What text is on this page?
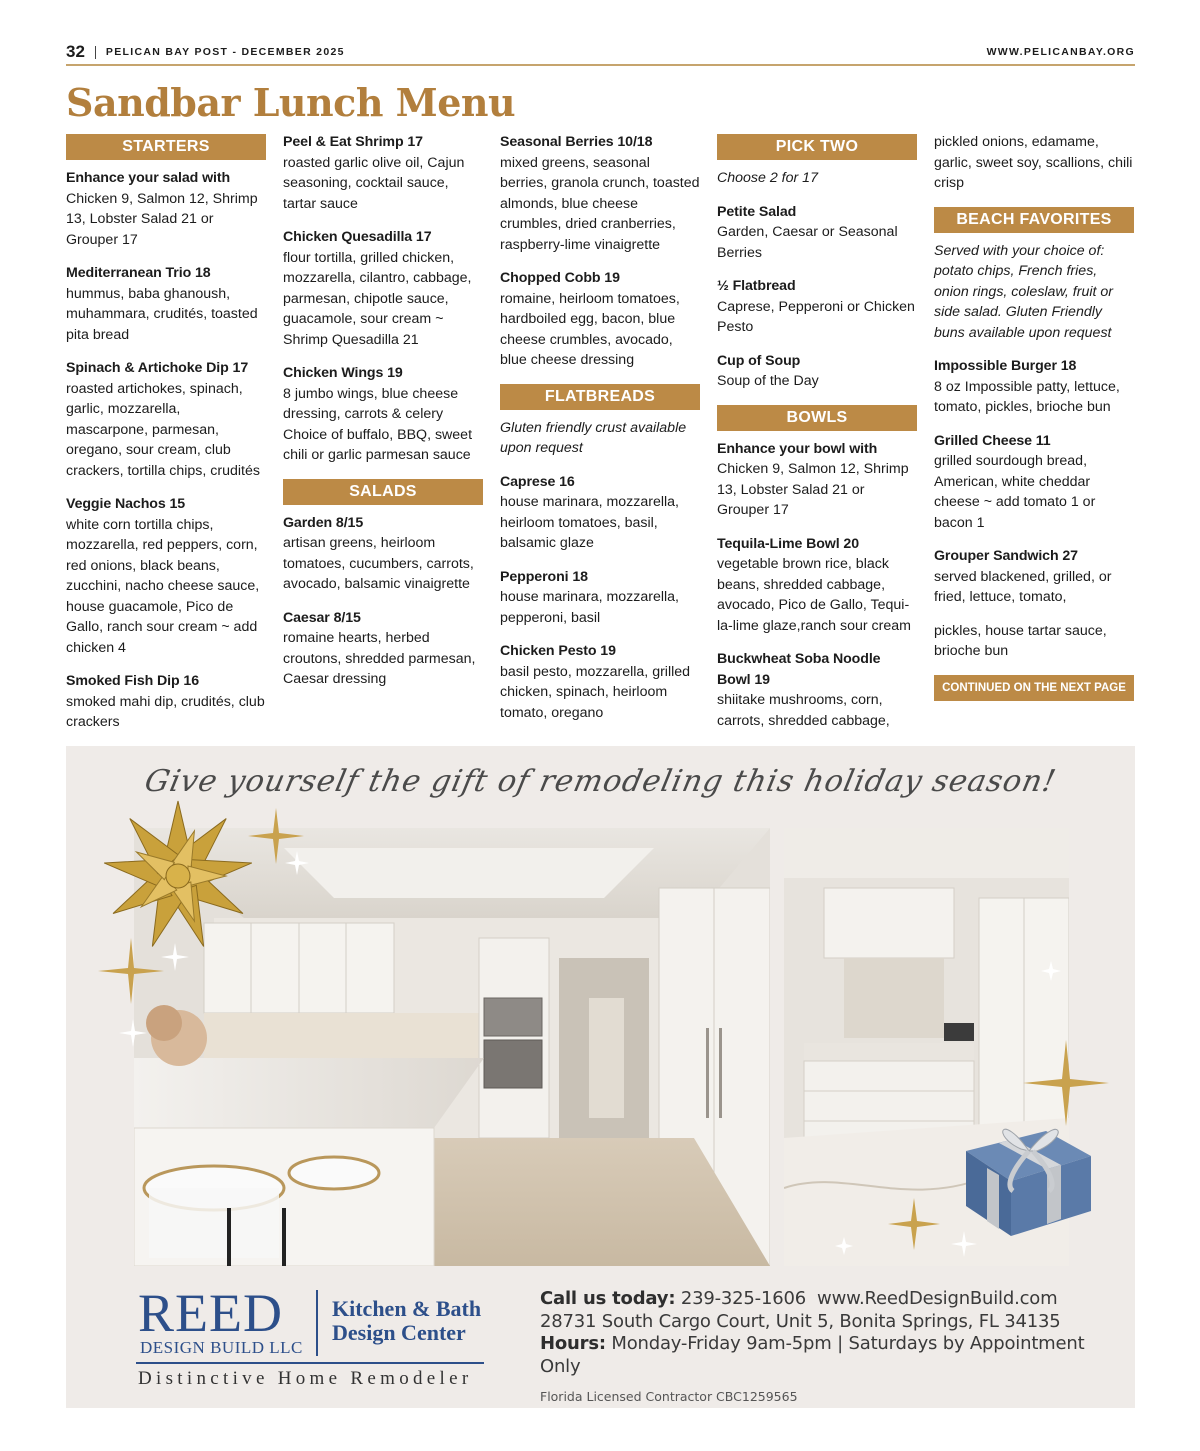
32 PELICAN BAY POST - DECEMBER 2025	WWW.PELICANBAY.ORG
Sandbar Lunch Menu
STARTERS
Enhance your salad with
Chicken 9, Salmon 12, Shrimp 13, Lobster Salad 21 or Grouper 17
Mediterranean Trio 18
hummus, baba ghanoush, muhammara, crudités, toasted pita bread
Spinach & Artichoke Dip 17
roasted artichokes, spinach, garlic, mozzarella, mascarpone, parmesan, oregano, sour cream, club crackers, tortilla chips, crudités
Veggie Nachos 15
white corn tortilla chips, mozzarella, red peppers, corn, red onions, black beans, zucchini, nacho cheese sauce, house guacamole, Pico de Gallo, ranch sour cream ~ add chicken 4
Smoked Fish Dip 16
smoked mahi dip, crudités, club crackers
Peel & Eat Shrimp 17
roasted garlic olive oil, Cajun seasoning, cocktail sauce, tartar sauce
Chicken Quesadilla 17
flour tortilla, grilled chicken, mozzarella, cilantro, cabbage, parmesan, chipotle sauce, guacamole, sour cream ~ Shrimp Quesadilla 21
Chicken Wings 19
8 jumbo wings, blue cheese dressing, carrots & celery Choice of buffalo, BBQ, sweet chili or garlic parmesan sauce
SALADS
Garden 8/15
artisan greens, heirloom tomatoes, cucumbers, carrots, avocado, balsamic vinaigrette
Caesar 8/15
romaine hearts, herbed croutons, shredded parmesan, Caesar dressing
Seasonal Berries 10/18
mixed greens, seasonal berries, granola crunch, toasted almonds, blue cheese crumbles, dried cranberries, raspberry-lime vinaigrette
Chopped Cobb 19
romaine, heirloom tomatoes, hardboiled egg, bacon, blue cheese crumbles, avocado, blue cheese dressing
FLATBREADS
Gluten friendly crust available upon request
Caprese 16
house marinara, mozzarella, heirloom tomatoes, basil, balsamic glaze
Pepperoni 18
house marinara, mozzarella, pepperoni, basil
Chicken Pesto 19
basil pesto, mozzarella, grilled chicken, spinach, heirloom tomato, oregano
PICK TWO
Choose 2 for 17
Petite Salad
Garden, Caesar or Seasonal Berries
½ Flatbread
Caprese, Pepperoni or Chicken Pesto
Cup of Soup
Soup of the Day
BOWLS
Enhance your bowl with
Chicken 9, Salmon 12, Shrimp 13, Lobster Salad 21 or Grouper 17
Tequila-Lime Bowl 20
vegetable brown rice, black beans, shredded cabbage, avocado, Pico de Gallo, Tequi-la-lime glaze,ranch sour cream
Buckwheat Soba Noodle Bowl 19
shiitake mushrooms, corn, carrots, shredded cabbage,
pickled onions, edamame, garlic, sweet soy, scallions, chili crisp
BEACH FAVORITES
Served with your choice of: potato chips, French fries, onion rings, coleslaw, fruit or side salad. Gluten Friendly buns available upon request
Impossible Burger 18
8 oz Impossible patty, lettuce, tomato, pickles, brioche bun
Grilled Cheese 11
grilled sourdough bread, American, white cheddar cheese ~ add tomato 1 or bacon 1
Grouper Sandwich 27
served blackened, grilled, or fried, lettuce, tomato,
pickles, house tartar sauce, brioche bun
CONTINUED ON THE NEXT PAGE
Give yourself the gift of remodeling this holiday season!
REED
DESIGN BUILD LLC
Kitchen & Bath
Design Center
Distinctive Home Remodeler
Call us today: 239-325-1606 www.ReedDesignBuild.com
28731 South Cargo Court, Unit 5, Bonita Springs, FL 34135
Hours: Monday-Friday 9am-5pm | Saturdays by Appointment Only
Florida Licensed Contractor CBC1259565
